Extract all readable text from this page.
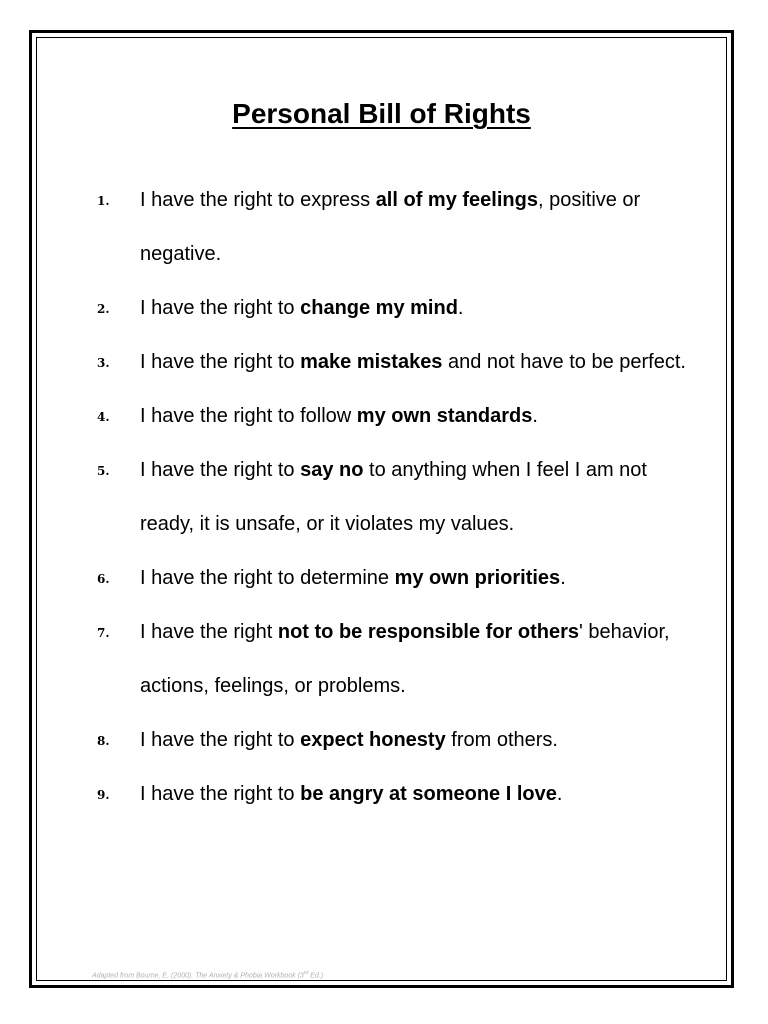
Personal Bill of Rights
1. I have the right to express all of my feelings, positive or negative.
2. I have the right to change my mind.
3. I have the right to make mistakes and not have to be perfect.
4. I have the right to follow my own standards.
5. I have the right to say no to anything when I feel I am not ready, it is unsafe, or it violates my values.
6. I have the right to determine my own priorities.
7. I have the right not to be responsible for others' behavior, actions, feelings, or problems.
8. I have the right to expect honesty from others.
9. I have the right to be angry at someone I love.
Adapted from Bourne, E. (2000). The Anxiety & Phobia Workbook (3rd Ed.)
